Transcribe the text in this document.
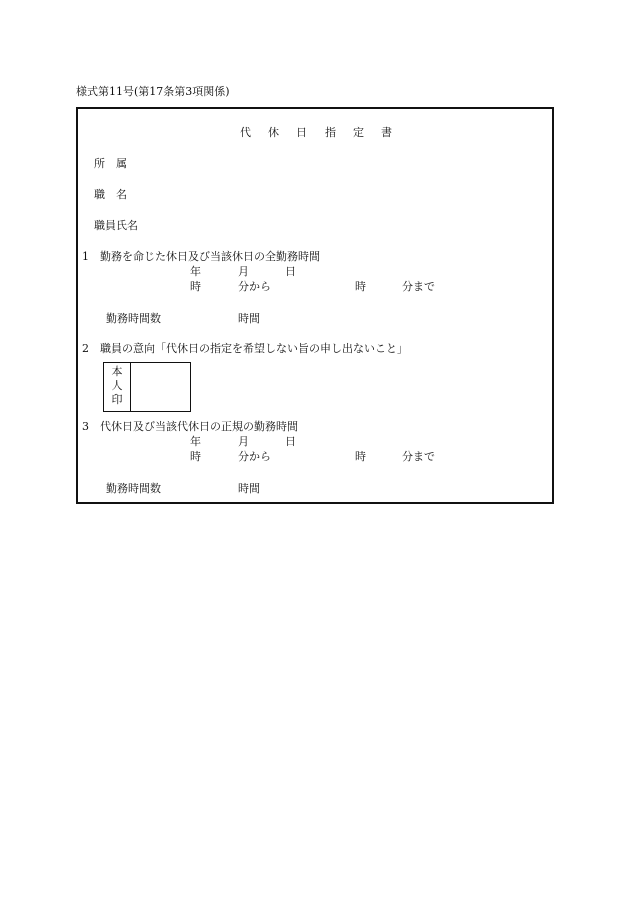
様式第11号(第17条第3項関係)
代 休 日 指 定 書
所　属
職　名
職員氏名
1　勤務を命じた休日及び当該休日の全勤務時間
年	月	日
時	分から	時	分まで
勤務時間数	時間
2　職員の意向「代休日の指定を希望しない旨の申し出ないこと」
本
人
印
3　代休日及び当該代休日の正規の勤務時間
年	月	日
時	分から	時	分まで
勤務時間数	時間
